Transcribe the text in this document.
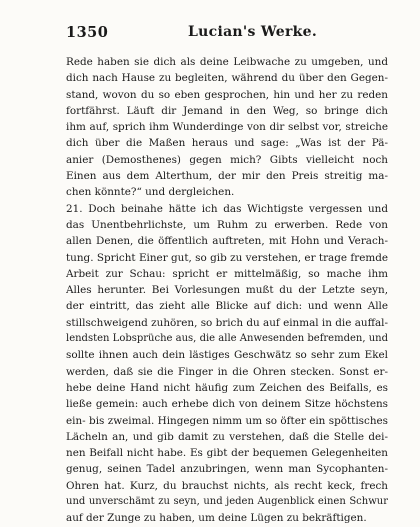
1350	Lucian's Werke.
Rede haben sie dich als deine Leibwache zu umgeben, und
dich nach Hause zu begleiten, während du über den Gegen-
stand, wovon du so eben gesprochen, hin und her zu reden
fortfährst. Läuft dir Jemand in den Weg, so bringe dich
ihm auf, sprich ihm Wunderdinge von dir selbst vor, streiche
dich über die Maßen heraus und sage: „Was ist der Pä-
anier (Demosthenes) gegen mich? Gibts vielleicht noch
Einen aus dem Alterthum, der mir den Preis streitig ma-
chen könnte?“ und dergleichen.
21. Doch beinahe hätte ich das Wichtigste vergessen und
das Unentbehrlichste, um Ruhm zu erwerben. Rede von
allen Denen, die öffentlich auftreten, mit Hohn und Verach-
tung. Spricht Einer gut, so gib zu verstehen, er trage fremde
Arbeit zur Schau: spricht er mittelmäßig, so mache ihm
Alles herunter. Bei Vorlesungen mußt du der Letzte seyn,
der eintritt, das zieht alle Blicke auf dich: und wenn Alle
stillschweigend zuhören, so brich du auf einmal in die auffal-
lendsten Lobsprüche aus, die alle Anwesenden befremden, und
sollte ihnen auch dein lästiges Geschwätz so sehr zum Ekel
werden, daß sie die Finger in die Ohren stecken. Sonst er-
hebe deine Hand nicht häufig zum Zeichen des Beifalls, es
ließe gemein: auch erhebe dich von deinem Sitze höchstens
ein- bis zweimal. Hingegen nimm um so öfter ein spöttisches
Lächeln an, und gib damit zu verstehen, daß die Stelle dei-
nen Beifall nicht habe. Es gibt der bequemen Gelegenheiten
genug, seinen Tadel anzubringen, wenn man Sycophanten-
Ohren hat. Kurz, du brauchst nichts, als recht keck, frech
und unverschämt zu seyn, und jeden Augenblick einen Schwur
auf der Zunge zu haben, um deine Lügen zu bekräftigen.
